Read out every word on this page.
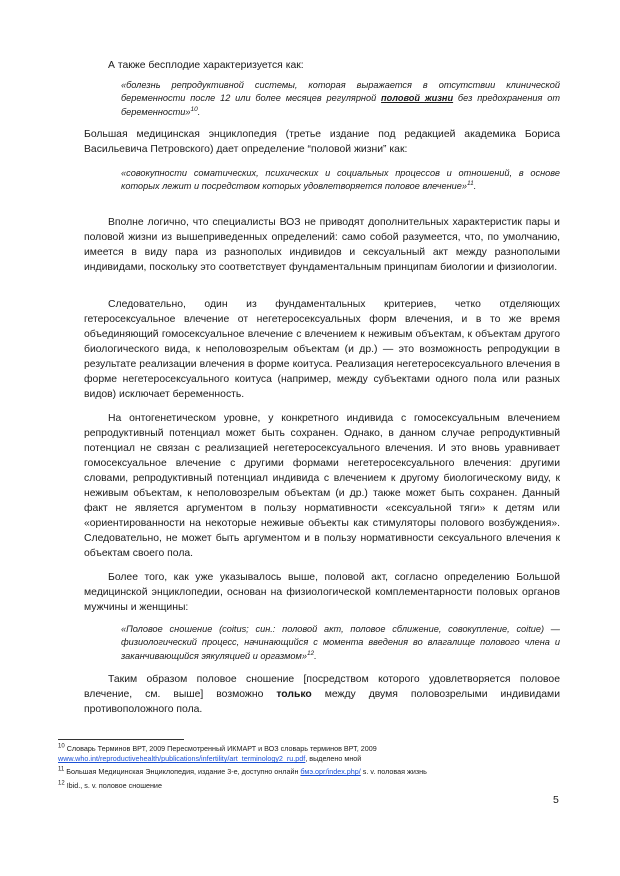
А также бесплодие характеризуется как:

«болезнь репродуктивной системы, которая выражается в отсутствии клинической беременности после 12 или более месяцев регулярной половой жизни без предохранения от беременности»$^{10}$.

Большая медицинская энциклопедия (третье издание под редакцией академика Бориса Васильевича Петровского) дает определение “половой жизни” как:

«совокупности соматических, психических и социальных процессов и отношений, в основе которых лежит и посредством которых удовлетворяется половое влечение»$^{11}$.

Вполне логично, что специалисты ВОЗ не приводят дополнительных характеристик пары и половой жизни из вышеприведенных определений: само собой разумеется, что, по умолчанию, имеется в виду пара из разнополых индивидов и сексуальный акт между разнополыми индивидами, поскольку это соответствует фундаментальным принципам биологии и физиологии.

Следовательно, один из фундаментальных критериев, четко отделяющих гетеросексуальное влечение от негетеросексуальных форм влечения, и в то же время объединяющий гомосексуальное влечение с влечением к неживым объектам, к объектам другого биологического вида, к неполовозрелым объектам (и др.) — это возможность репродукции в результате реализации влечения в форме коитуса. Реализация негетеросексуального влечения в форме негетеросексуального коитуса (например, между субъектами одного пола или разных видов) исключает беременность.

На онтогенетическом уровне, у конкретного индивида с гомосексуальным влечением репродуктивный потенциал может быть сохранен. Однако, в данном случае репродуктивный потенциал не связан с реализацией негетеросексуального влечения. И это вновь уравнивает гомосексуальное влечение с другими формами негетеросексуального влечения: другими словами, репродуктивный потенциал индивида с влечением к другому биологическому виду, к неживым объектам, к неполовозрелым объектам (и др.) также может быть сохранен. Данный факт не является аргументом в пользу нормативности «сексуальной тяги» к детям или «ориентированности на некоторые неживые объекты как стимуляторы полового возбуждения». Следовательно, не может быть аргументом и в пользу нормативности сексуального влечения к объектам своего пола.

Более того, как уже указывалось выше, половой акт, согласно определению Большой медицинской энциклопедии, основан на физиологической комплементарности половых органов мужчины и женщины:

«Половое сношение (coitus; син.: половой акт, половое сближение, совокупление, coitие) — физиологический процесс, начинающийся с момента введения во влагалище полового члена и заканчивающийся эякуляцией и оргазмом»$^{12}$.

Таким образом половое сношение [посредством которого удовлетворяется половое влечение, см. выше] возможно только между двумя половозрелыми индивидами противоположного пола.

$^{10}$ Словарь Терминов ВРТ, 2009 Пересмотренный ИКМАРТ и ВОЗ словарь терминов ВРТ, 2009
www.who.int/reproductivehealth/publications/infertility/art_terminology2_ru.pdf, выделено мной
$^{11}$ Большая Медицинская Энциклопедия, издание 3-е, доступно онлайн бмэ.орг/index.php/ s. v. половая жизнь
$^{12}$ Ibid., s. v. половое сношение
5
